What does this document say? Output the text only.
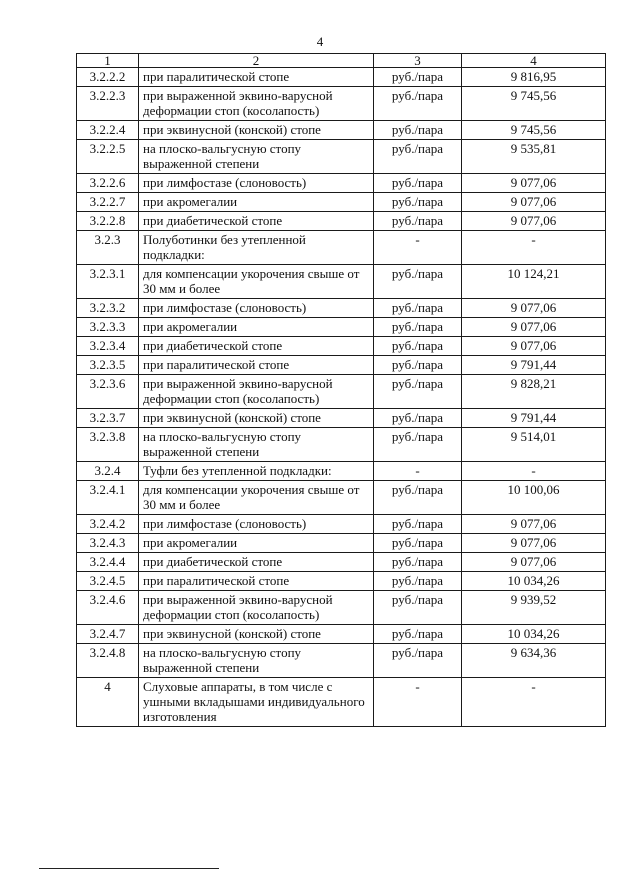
4
1	2	3	4
3.2.2.2	при паралитической стопе	руб./пара	9 816,95
3.2.2.3	при выраженной эквино-варусной деформации стоп (косолапость)	руб./пара	9 745,56
3.2.2.4	при эквинусной (конской) стопе	руб./пара	9 745,56
3.2.2.5	на плоско-вальгусную стопу выраженной степени	руб./пара	9 535,81
3.2.2.6	при лимфостазе (слоновость)	руб./пара	9 077,06
3.2.2.7	при акромегалии	руб./пара	9 077,06
3.2.2.8	при диабетической стопе	руб./пара	9 077,06
3.2.3	Полуботинки без утепленной подкладки:	-	-
3.2.3.1	для компенсации укорочения свыше от 30 мм и более	руб./пара	10 124,21
3.2.3.2	при лимфостазе (слоновость)	руб./пара	9 077,06
3.2.3.3	при акромегалии	руб./пара	9 077,06
3.2.3.4	при диабетической стопе	руб./пара	9 077,06
3.2.3.5	при паралитической стопе	руб./пара	9 791,44
3.2.3.6	при выраженной эквино-варусной деформации стоп (косолапость)	руб./пара	9 828,21
3.2.3.7	при эквинусной (конской) стопе	руб./пара	9 791,44
3.2.3.8	на плоско-вальгусную стопу выраженной степени	руб./пара	9 514,01
3.2.4	Туфли без утепленной подкладки:	-	-
3.2.4.1	для компенсации укорочения свыше от 30 мм и более	руб./пара	10 100,06
3.2.4.2	при лимфостазе (слоновость)	руб./пара	9 077,06
3.2.4.3	при акромегалии	руб./пара	9 077,06
3.2.4.4	при диабетической стопе	руб./пара	9 077,06
3.2.4.5	при паралитической стопе	руб./пара	10 034,26
3.2.4.6	при выраженной эквино-варусной деформации стоп (косолапость)	руб./пара	9 939,52
3.2.4.7	при эквинусной (конской) стопе	руб./пара	10 034,26
3.2.4.8	на плоско-вальгусную стопу выраженной степени	руб./пара	9 634,36
4	Слуховые аппараты, в том числе с ушными вкладышами индивидуального изготовления	-	-
